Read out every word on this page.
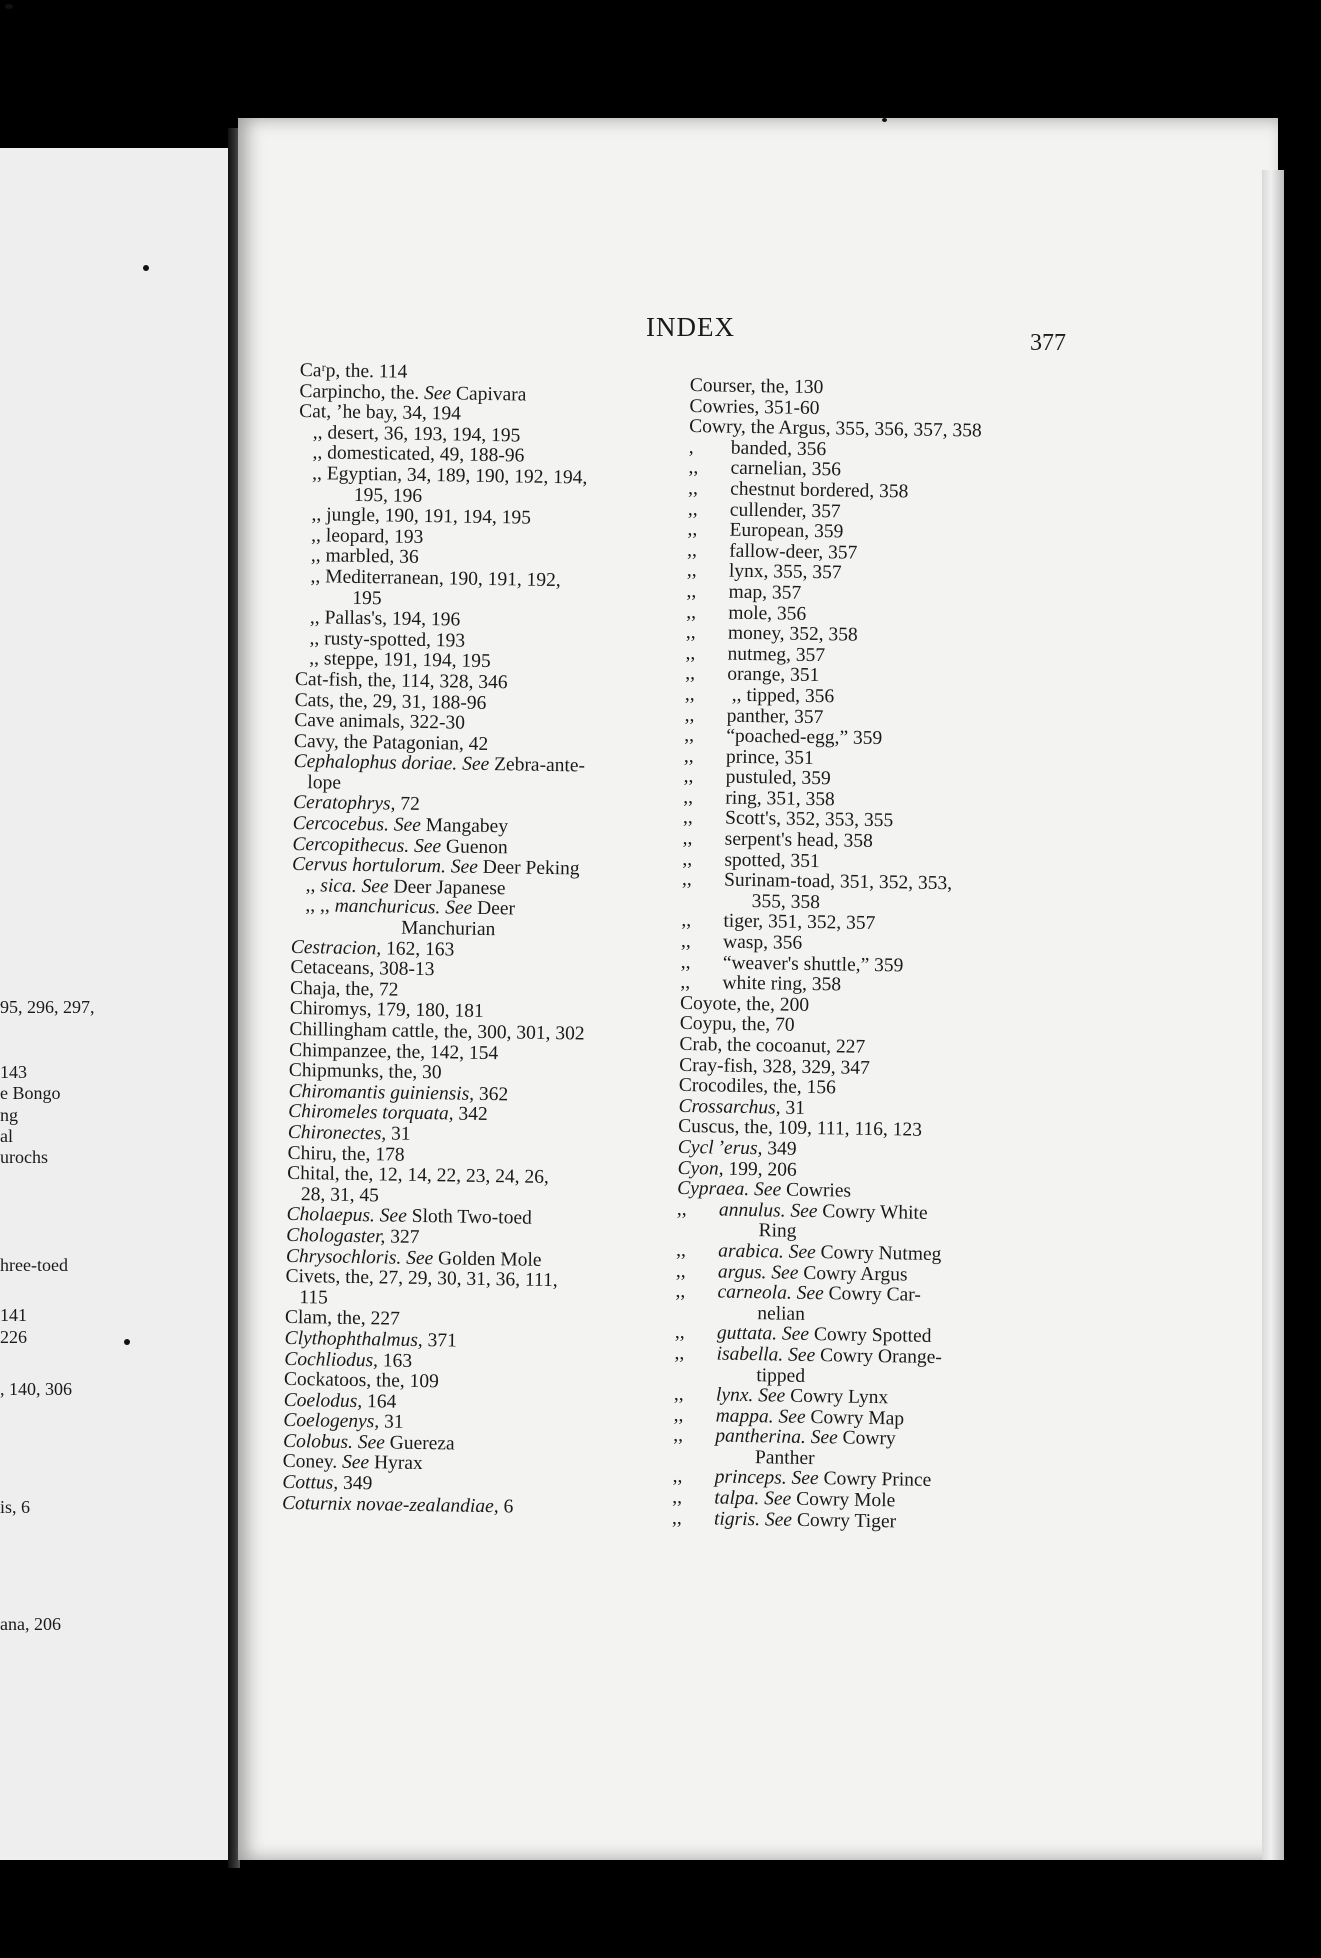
95, 296, 297,
143
e Bongo
ng
al
urochs
hree-toed
141
226
, 140, 306
is, 6
ana, 206
INDEX
377
Caʳp, the. 114
Carpincho, the. See Capivara
Cat, ʼhe bay, 34, 194
,, desert, 36, 193, 194, 195
,, domesticated, 49, 188-96
,, Egyptian, 34, 189, 190, 192, 194,
195, 196
,, jungle, 190, 191, 194, 195
,, leopard, 193
,, marbled, 36
,, Mediterranean, 190, 191, 192,
195
,, Pallas's, 194, 196
,, rusty-spotted, 193
,, steppe, 191, 194, 195
Cat-fish, the, 114, 328, 346
Cats, the, 29, 31, 188-96
Cave animals, 322-30
Cavy, the Patagonian, 42
Cephalophus doriae. See Zebra-ante-
lope
Ceratophrys, 72
Cercocebus. See Mangabey
Cercopithecus. See Guenon
Cervus hortulorum. See Deer Peking
,, sica. See Deer Japanese
,, ,, manchuricus. See Deer
Manchurian
Cestracion, 162, 163
Cetaceans, 308-13
Chaja, the, 72
Chiromys, 179, 180, 181
Chillingham cattle, the, 300, 301, 302
Chimpanzee, the, 142, 154
Chipmunks, the, 30
Chiromantis guiniensis, 362
Chiromeles torquata, 342
Chironectes, 31
Chiru, the, 178
Chital, the, 12, 14, 22, 23, 24, 26,
28, 31, 45
Cholaepus. See Sloth Two-toed
Chologaster, 327
Chrysochloris. See Golden Mole
Civets, the, 27, 29, 30, 31, 36, 111,
115
Clam, the, 227
Clythophthalmus, 371
Cochliodus, 163
Cockatoos, the, 109
Coelodus, 164
Coelogenys, 31
Colobus. See Guereza
Coney. See Hyrax
Cottus, 349
Coturnix novae-zealandiae, 6
Courser, the, 130
Cowries, 351-60
Cowry, the Argus, 355, 356, 357, 358
, banded, 356
,, carnelian, 356
,, chestnut bordered, 358
,, cullender, 357
,, European, 359
,, fallow-deer, 357
,, lynx, 355, 357
,, map, 357
,, mole, 356
,, money, 352, 358
,, nutmeg, 357
,, orange, 351
,, ,, tipped, 356
,, panther, 357
,, “poached-egg,” 359
,, prince, 351
,, pustuled, 359
,, ring, 351, 358
,, Scott's, 352, 353, 355
,, serpent's head, 358
,, spotted, 351
,, Surinam-toad, 351, 352, 353,
355, 358
,, tiger, 351, 352, 357
,, wasp, 356
,, “weaver's shuttle,” 359
,, white ring, 358
Coyote, the, 200
Coypu, the, 70
Crab, the cocoanut, 227
Cray-fish, 328, 329, 347
Crocodiles, the, 156
Crossarchus, 31
Cuscus, the, 109, 111, 116, 123
Cycl ’erus, 349
Cyon, 199, 206
Cypraea. See Cowries
,, annulus. See Cowry White
Ring
,, arabica. See Cowry Nutmeg
,, argus. See Cowry Argus
,, carneola. See Cowry Car-
nelian
,, guttata. See Cowry Spotted
,, isabella. See Cowry Orange-
tipped
,, lynx. See Cowry Lynx
,, mappa. See Cowry Map
,, pantherina. See Cowry
Panther
,, princeps. See Cowry Prince
,, talpa. See Cowry Mole
,, tigris. See Cowry Tiger
